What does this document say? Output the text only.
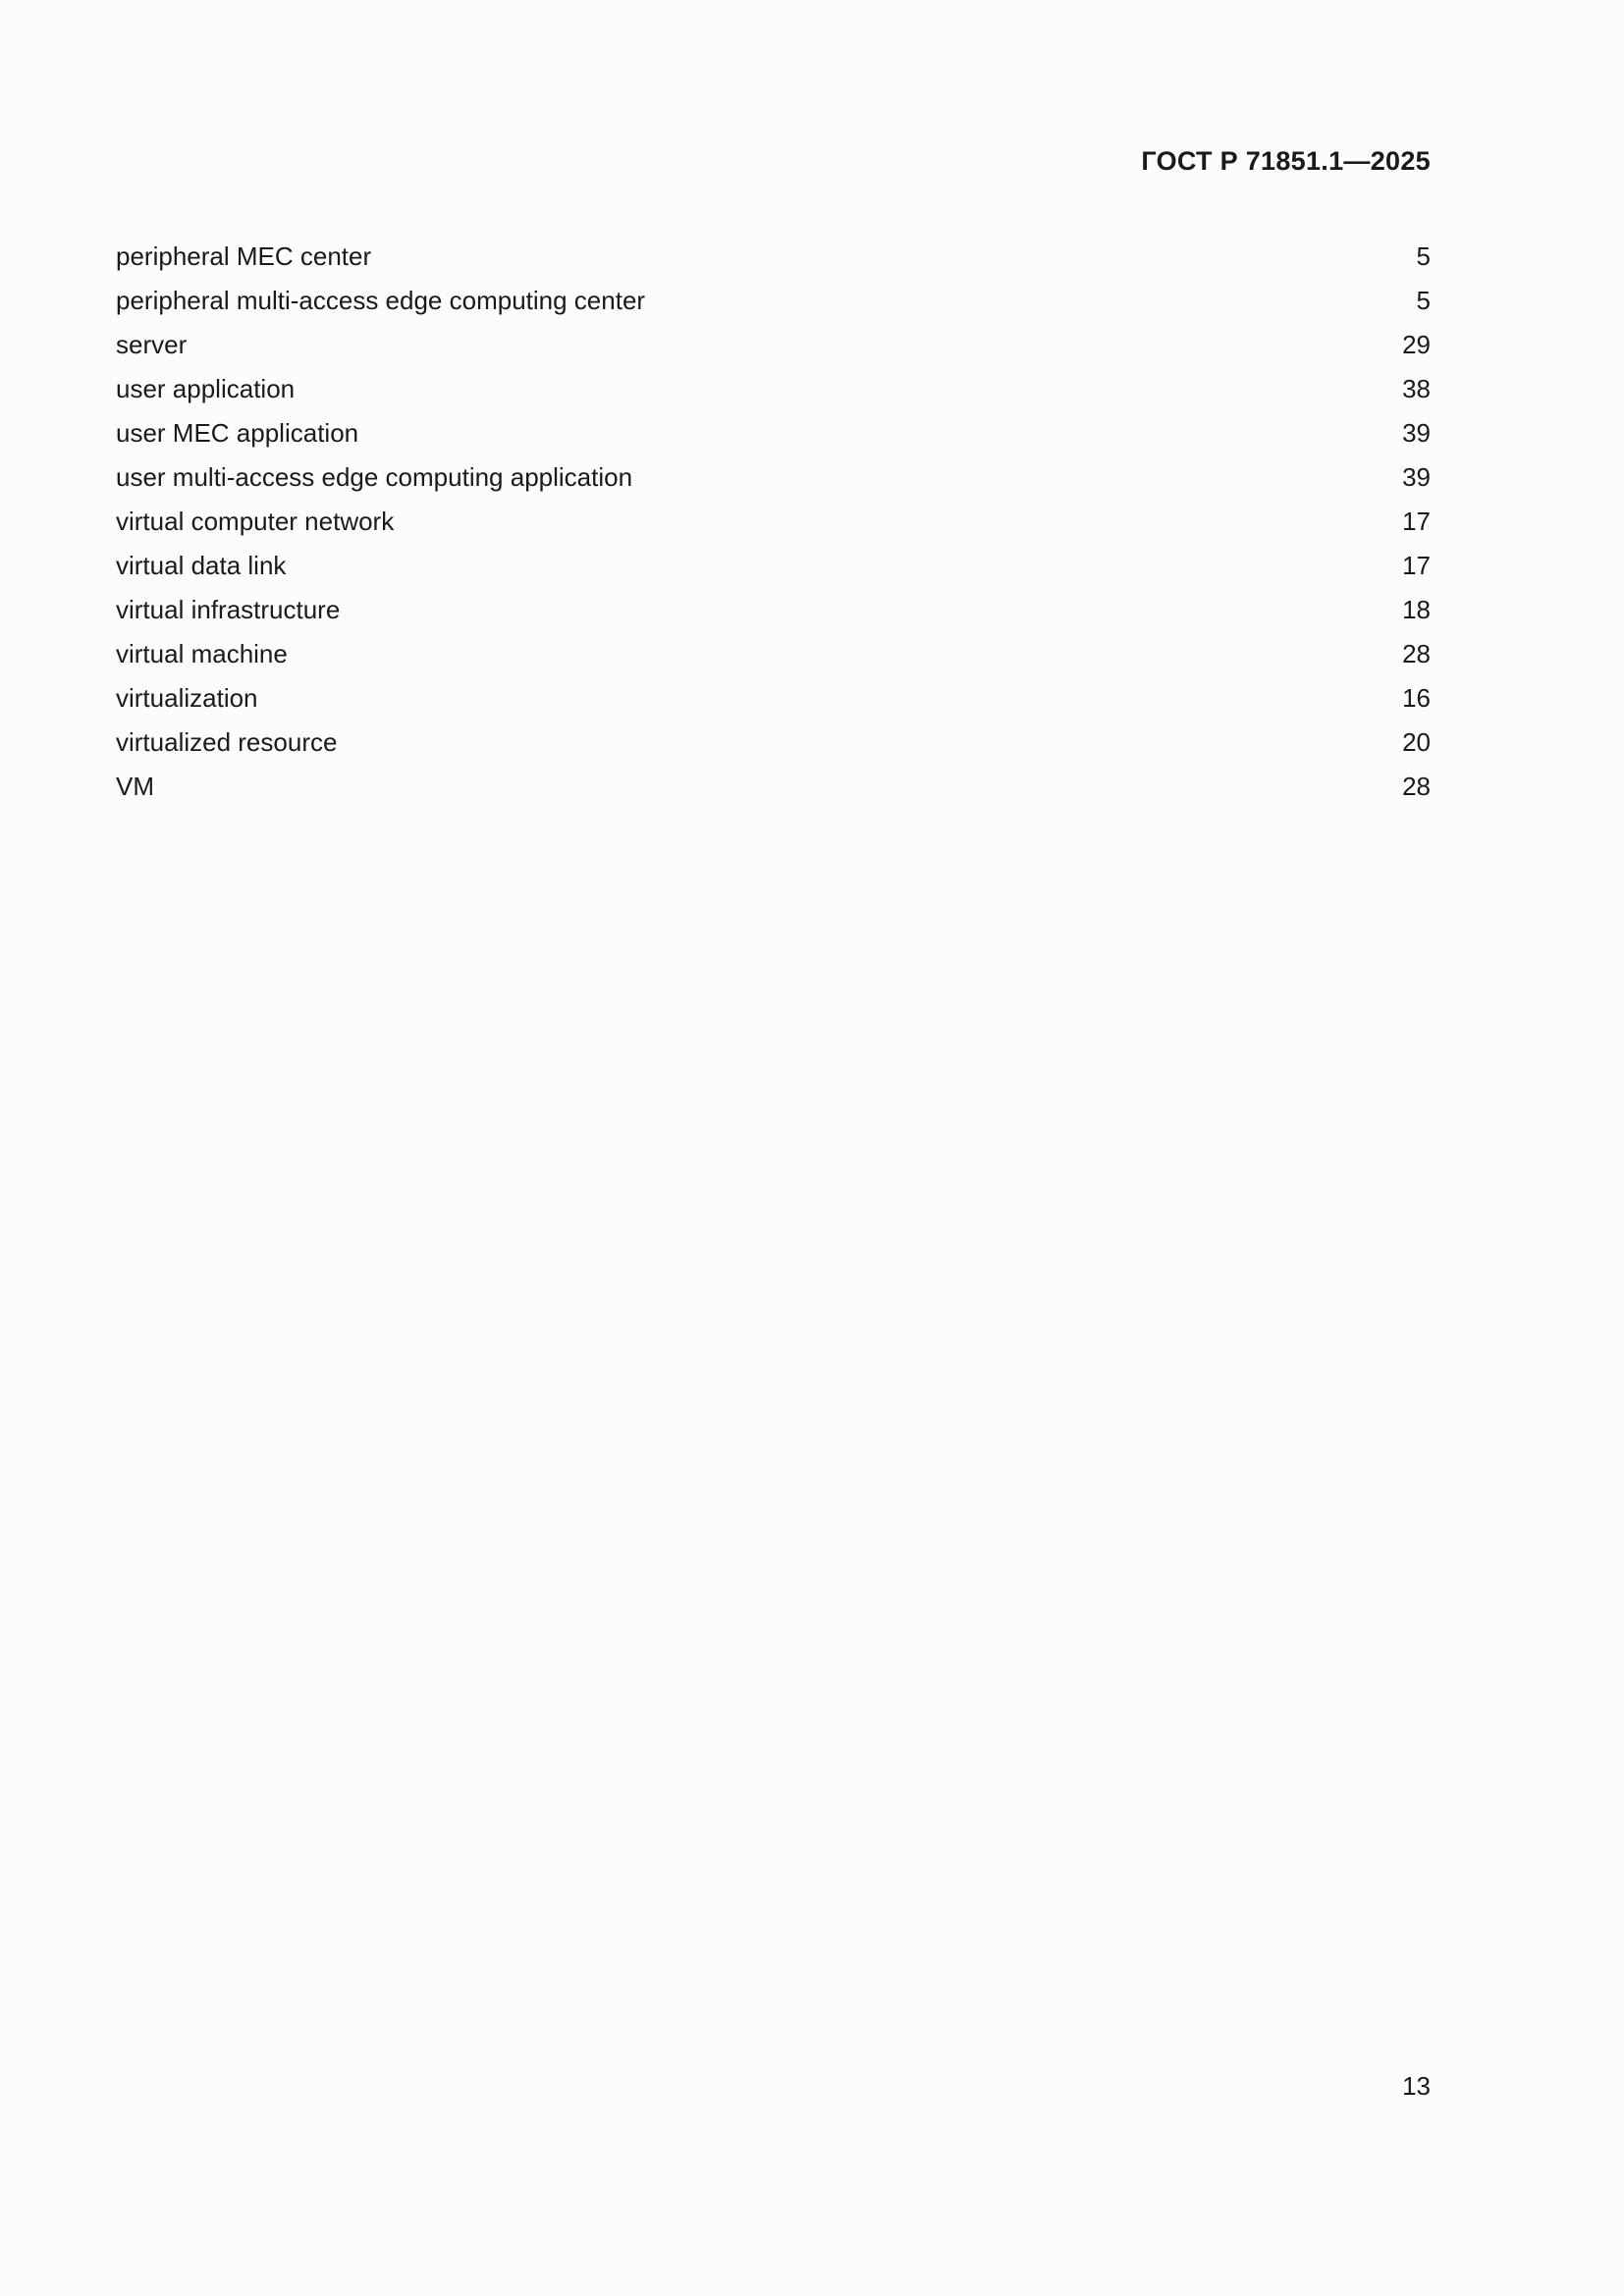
ГОСТ Р 71851.1—2025
peripheral MEC center	5
peripheral multi-access edge computing center	5
server	29
user application	38
user MEC application	39
user multi-access edge computing application	39
virtual computer network	17
virtual data link	17
virtual infrastructure	18
virtual machine	28
virtualization	16
virtualized resource	20
VM	28
13
